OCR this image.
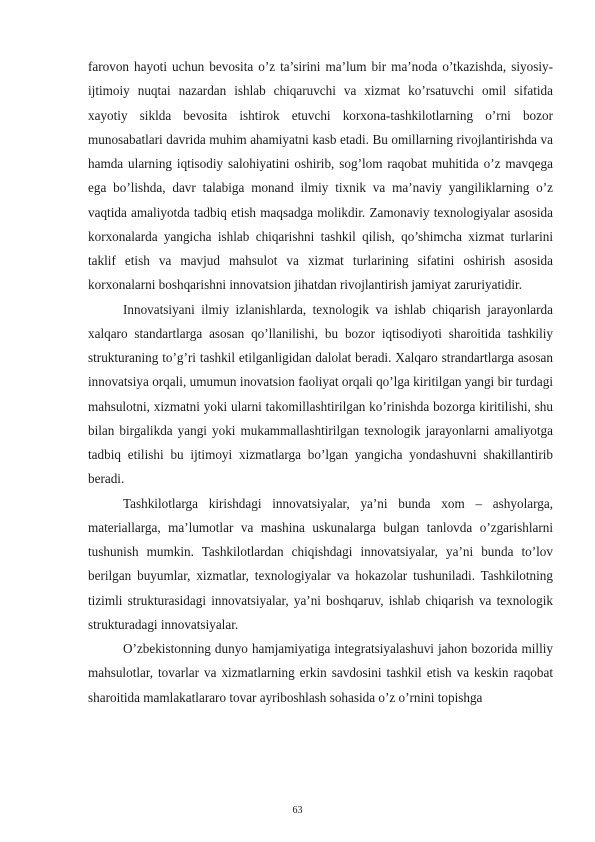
farovon hayoti uchun bevosita o’z ta’sirini ma’lum bir ma’noda o’tkazishda, siyosiy-ijtimoiy nuqtai nazardan ishlab chiqaruvchi va xizmat ko’rsatuvchi omil sifatida xayotiy siklda bevosita ishtirok etuvchi korxona-tashkilotlarning o’rni bozor munosabatlari davrida muhim ahamiyatni kasb etadi. Bu omillarning rivojlantirishda va hamda ularning iqtisodiy salohiyatini oshirib, sog’lom raqobat muhitida o’z mavqega ega bo’lishda, davr talabiga monand ilmiy tixnik va ma’naviy yangiliklarning o’z vaqtida amaliyotda tadbiq etish maqsadga molikdir. Zamonaviy texnologiyalar asosida korxonalarda yangicha ishlab chiqarishni tashkil qilish, qo’shimcha xizmat turlarini taklif etish va mavjud mahsulot va xizmat turlarining sifatini oshirish asosida korxonalarni boshqarishni innovatsion jihatdan rivojlantirish jamiyat zaruriyatidir.

Innovatsiyani ilmiy izlanishlarda, texnologik va ishlab chiqarish jarayonlarda xalqaro standartlarga asosan qo’llanilishi, bu bozor iqtisodiyoti sharoitida tashkiliy strukturaning to’g’ri tashkil etilganligidan dalolat beradi. Xalqaro strandartlarga asosan innovatsiya orqali, umumun inovatsion faoliyat orqali qo’lga kiritilgan yangi bir turdagi mahsulotni, xizmatni yoki ularni takomillashtirilgan ko’rinishda bozorga kiritilishi, shu bilan birgalikda yangi yoki mukammallashtirilgan texnologik jarayonlarni amaliyotga tadbiq etilishi bu ijtimoyi xizmatlarga bo’lgan yangicha yondashuvni shakillantirib beradi.

Tashkilotlarga kirishdagi innovatsiyalar, ya’ni bunda xom – ashyolarga, materiallarga, ma’lumotlar va mashina uskunalarga bulgan tanlovda o’zgarishlarni tushunish mumkin. Tashkilotlardan chiqishdagi innovatsiyalar, ya’ni bunda to’lov berilgan buyumlar, xizmatlar, texnologiyalar va hokazolar tushuniladi. Tashkilotning tizimli strukturasidagi innovatsiyalar, ya’ni boshqaruv, ishlab chiqarish va texnologik strukturadagi innovatsiyalar.

O’zbekistonning dunyo hamjamiyatiga integratsiyalashuvi jahon bozorida milliy mahsulotlar, tovarlar va xizmatlarning erkin savdosini tashkil etish va keskin raqobat sharoitida mamlakatlararo tovar ayriboshlash sohasida o’z o’rnini topishga

63
